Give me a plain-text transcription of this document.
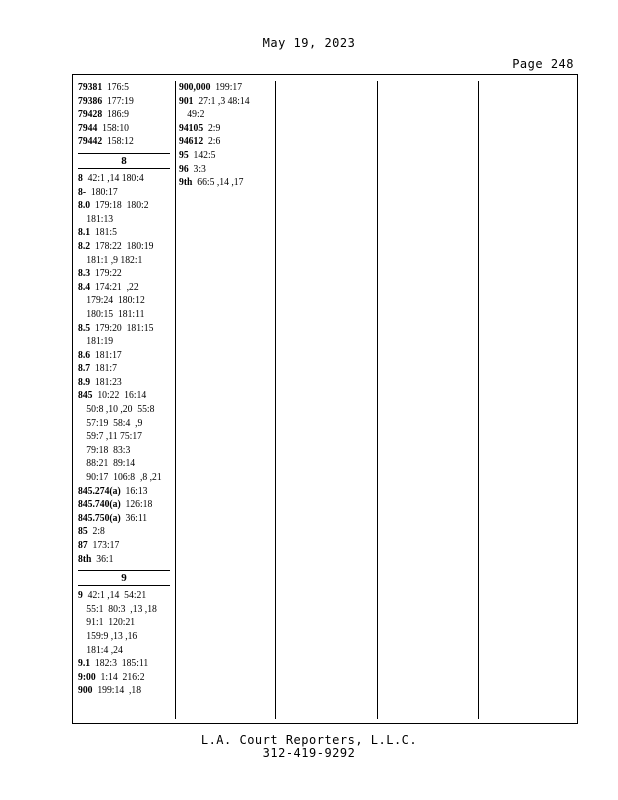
May 19, 2023
Page 248
79381  176:5
79386  177:19
79428  186:9
7944  158:10
79442  158:12
8
8  42:1 ,14 180:4
8-  180:17
8.0  179:18  180:2
181:13
8.1  181:5
8.2  178:22  180:19
181:1 ,9 182:1
8.3  179:22
8.4  174:21  ,22
179:24  180:12
180:15  181:11
8.5  179:20  181:15
181:19
8.6  181:17
8.7  181:7
8.9  181:23
845  10:22  16:14
50:8 ,10 ,20  55:8
57:19  58:4  ,9
59:7 ,11 75:17
79:18  83:3
88:21  89:14
90:17  106:8  ,8 ,21
845.274(a)  16:13
845.740(a)  126:18
845.750(a)  36:11
85  2:8
87  173:17
8th  36:1
9
9  42:1 ,14  54:21
55:1  80:3  ,13 ,18
91:1  120:21
159:9 ,13 ,16
181:4 ,24
9.1  182:3  185:11
9:00  1:14  216:2
900  199:14  ,18
900,000  199:17
901  27:1 ,3 48:14
49:2
94105  2:9
94612  2:6
95  142:5
96  3:3
9th  66:5 ,14 ,17
L.A. Court Reporters, L.L.C.
312-419-9292
